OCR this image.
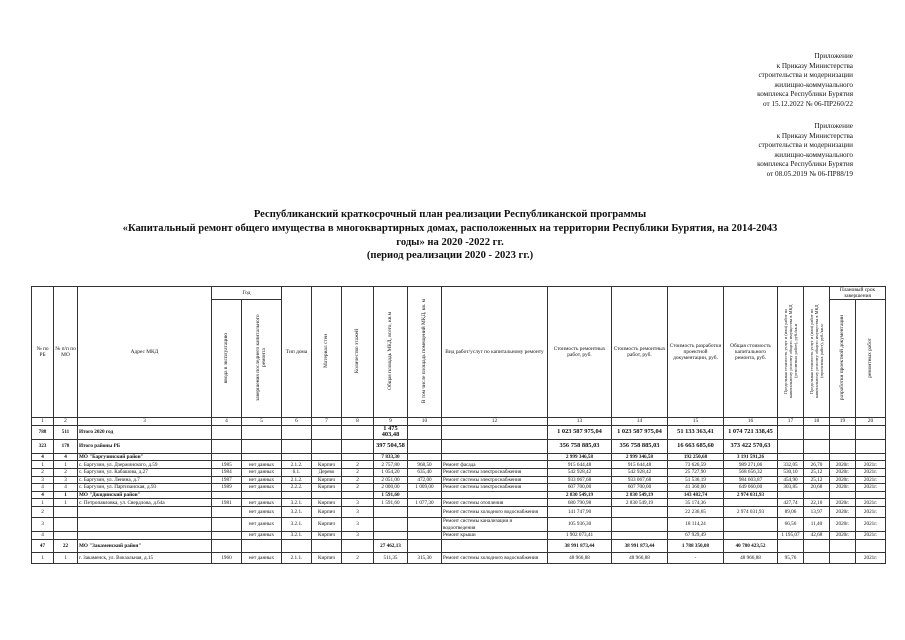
Приложение
к Приказу Министерства
строительства и модернизации
жилищно-коммунального
комплекса Республики Бурятия
от 15.12.2022 № 06-ПР260/22
Приложение
к Приказу Министерства
строительства и модернизации
жилищно-коммунального
комплекса Республики Бурятия
от 08.05.2019 № 06-ПР88/19
Республиканский краткосрочный план реализации Республиканской программы
«Капитальный ремонт общего имущества в многоквартирных домах, расположенных на территории Республики Бурятия, на 2014-2043
годы» на 2020 -2022 гг.
(период реализации 2020 - 2023 гг.)
№ по РБ	№ п/п по МО	Адрес МКД	Год		Тип дома	Материал стен	Количество этажей	Общая площадь МКД, всего, кв.м	В том числе площадь помещений МКД, кв. м	Вид работ/услуг по капитальному ремонту	Стоимость ремонтных работ, руб.	Стоимость ремонтных работ, руб.	Стоимость разработки проектной документации, руб.	Общая стоимость капитального ремонта, руб.	Предельная стоимость услуг и (или) работ по капитальному ремонту общего имущества в МКД (ремонтных работ), руб./кв.м	Предельная стоимость услуг и (или) работ по капитальному ремонту общего имущества в МКД (проектных работ), руб./кв.м	Плановый срок завершения	
			ввода в эксплуатацию	завершения последнего капитального ремонта													разработки проектной документации	ремонтных работ
1	2	3	4	5	6	7	8	9	10	12	13	14	15	16	17	18	19	20
788	511	Итого 2020 год						1 475 403,48			1 023 587 975,04	1 023 587 975,04	51 133 363,41	1 074 721 338,45				
323	178	Итого районы РБ						397 504,58			356 758 885,03	356 758 885,03	16 663 685,60	373 422 570,63				
4	4	МО "Баргузинский район"						7 833,30			2 999 346,58	2 999 346,58	192 250,68	3 191 591,26				
1	1	с. Баргузин, ул. Дзержинского, д.59	1985	нет данных	2.1.2.	Кирпич	2	2 757,80	968,50	Ремонт фасада	915 644,48	915 644,48	73 626,59	989 271,06	332,05	26,70	2020г.	2021г.
2	2	с. Баргузин, ул. Кабашова, д.27	1984	нет данных	6.1.	Дерево	2	1 054,20	635,40	Ремонт системы электроснабжения	542 928,42	542 928,42	25 727,90	568 656,32	530,10	25,12	2020г.	2021г.
3	3	с. Баргузин, ул. Ленина, д.7	1987	нет данных	2.1.2.	Кирпич	2	2 051,00	472,00	Ремонт системы электроснабжения	933 067,68	933 067,68	51 536,19	984 603,87	454,90	25,12	2020г.	2021г.
4	4	с. Баргузин, ул. Партизанская, д.93	1989	нет данных	2.2.2.	Кирпич	2	2 000,00	1 009,00	Ремонт системы электроснабжения	607 700,00	607 700,00	41 360,00	649 060,00	303,85	20,68	2020г.	2021г.
4	1	МО "Джидинский район"						1 591,60			2 830 549,19	2 830 549,19	143 482,74	2 974 031,93				
1	1	с. Петропавловка, ул. Свердлова, д.64а	1981	нет данных	3.2.1.	Кирпич	3	1 591,60	1 077,30	Ремонт системы отопления	680 790,98	2 830 549,19	35 174,36		427,74	22,10	2020г.	2021г.
2				нет данных	3.2.1.	Кирпич	3			Ремонт системы холодного водоснабжения	141 747,90		22 236,65	2 974 031,93	89,06	13,97	2020г.	2021г.
3				нет данных	3.2.1.	Кирпич	3			Ремонт системы канализации и водоотведения	105 936,30		18 114,24		66,56	11,40	2020г.	2021г.
4				нет данных	3.2.1.	Кирпич	3			Ремонт крыши	1 902 073,41		67 929,49		1 195,07	42,68	2020г.	2021г.
47	22	МО "Закаменский район"						27 462,13			38 991 873,44	38 991 873,44	1 788 350,08	40 780 423,52				
1	1	г. Закаменск, ул. Вокзальная, д.15	1960	нет данных	2.1.1.	Кирпич	2	511,35	315,30	Ремонт системы холодного водоснабжения	48 966,88	48 966,88	-	48 966,88	95,76			2021г.
